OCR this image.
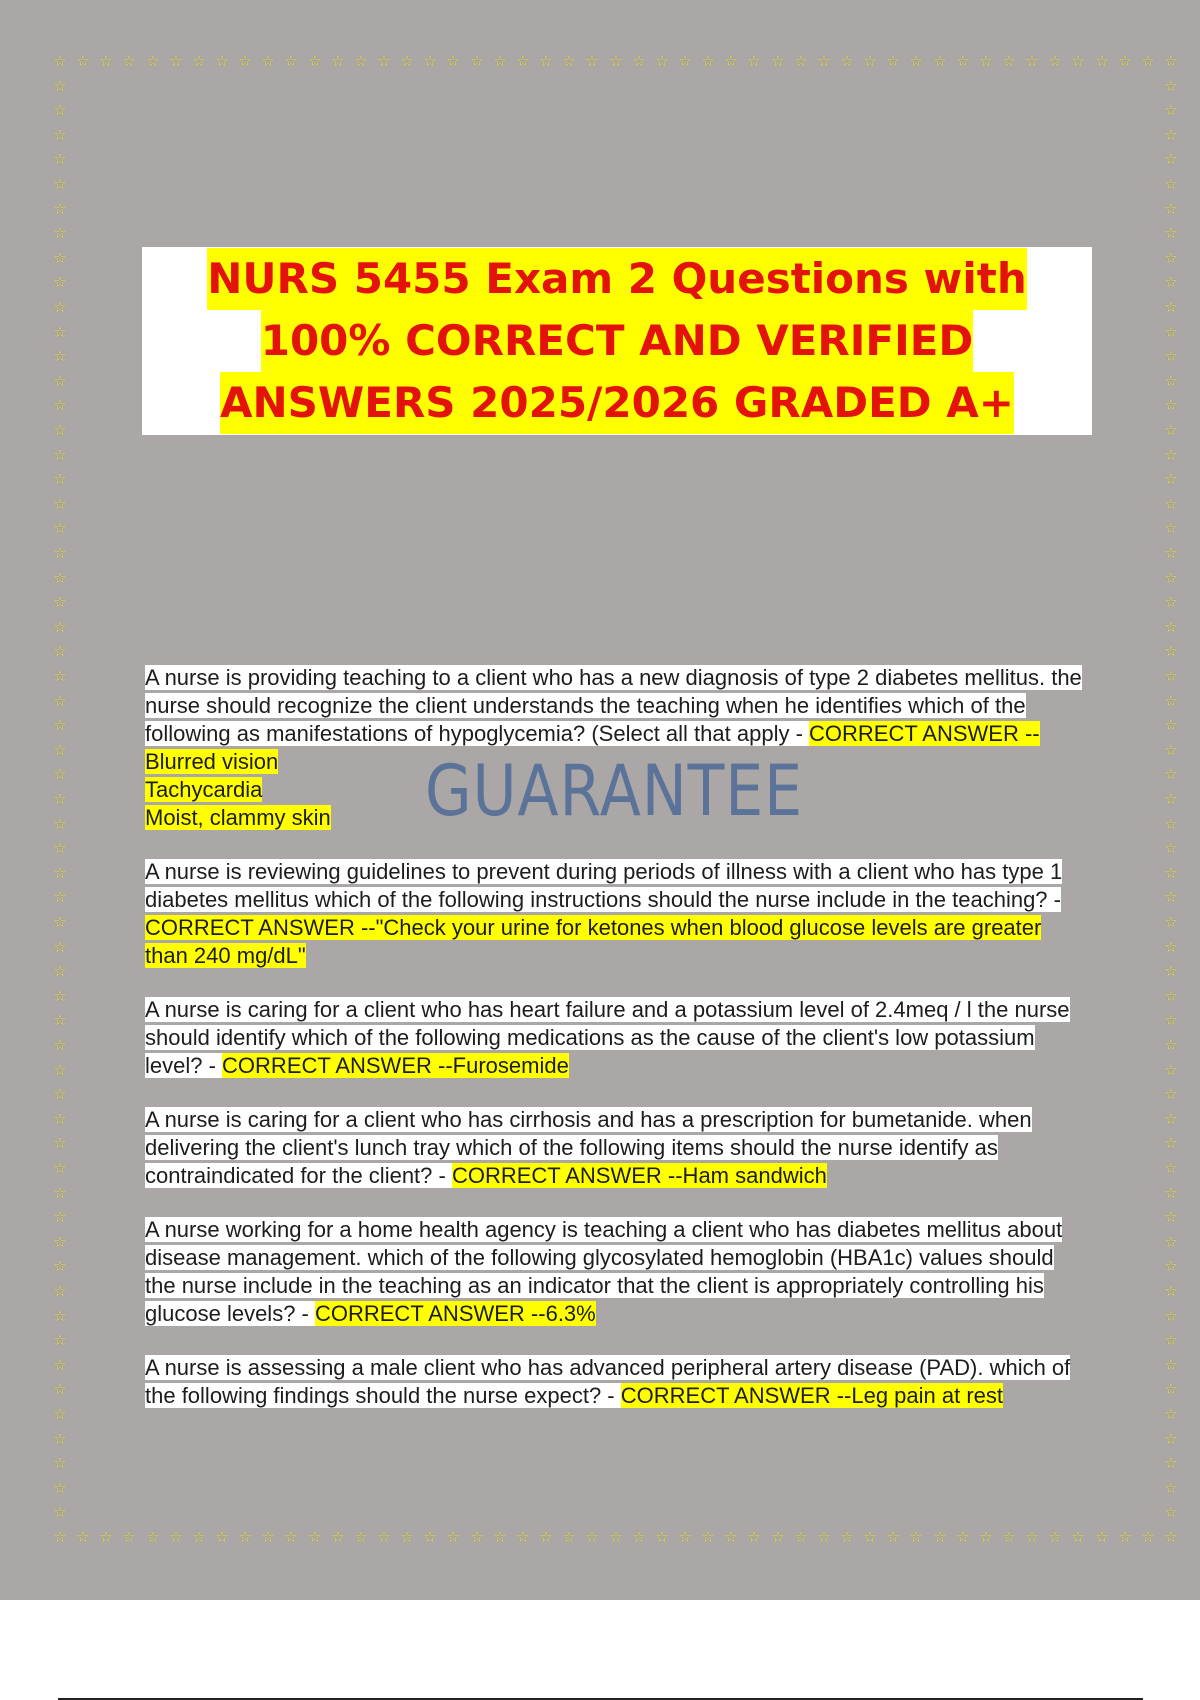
☆
☆
☆
☆
☆
☆
☆
☆
☆
☆
☆
☆
☆
☆
☆
☆
☆
☆
☆
☆
☆
☆
☆
☆
☆
☆
☆
☆
☆
☆
☆
☆
☆
☆
☆
☆
☆
☆
☆
☆
☆
☆
☆
☆
☆
☆
☆
☆
☆
☆
☆
☆
☆
☆
☆
☆
☆
☆
☆
☆
☆
☆
☆
☆
☆
☆
☆
☆
☆
☆
☆
☆
☆
☆
☆
☆
☆
☆
☆
☆
☆
☆
☆
☆
☆
☆
☆
☆
☆
☆
☆
☆
☆
☆
☆
☆
☆
☆
☆	☆
☆	☆
☆	☆
☆	☆
☆	☆
☆	☆
☆	☆
☆	☆
☆	☆
☆	☆
☆	☆
☆	☆
☆	☆
☆	☆
☆	☆
☆	☆
☆	☆
☆	☆
☆	☆
☆	☆
☆	☆
☆	☆
☆	☆
☆	☆
☆	☆
☆	☆
☆	☆
☆	☆
☆	☆
☆	☆
☆	☆
☆	☆
☆	☆
☆	☆
☆	☆
☆	☆
☆	☆
☆	☆
☆	☆
☆	☆
☆	☆
☆	☆
☆	☆
☆	☆
☆	☆
☆	☆
☆	☆
☆	☆
☆	☆
☆	☆
☆	☆
☆	☆
☆	☆
☆	☆
☆	☆
☆	☆
☆	☆
☆	☆
☆	☆
NURS 5455 Exam 2 Questions with
100% CORRECT AND VERIFIED
ANSWERS 2025/2026 GRADED A+
A nurse is providing teaching to a client who has a new diagnosis of type 2 diabetes mellitus. the nurse should recognize the client understands the teaching when he identifies which of the following as manifestations of hypoglycemia? (Select all that apply - CORRECT ANSWER --Blurred vision
Tachycardia
Moist, clammy skin
A nurse is reviewing guidelines to prevent during periods of illness with a client who has type 1 diabetes mellitus which of the following instructions should the nurse include in the teaching? - CORRECT ANSWER --"Check your urine for ketones when blood glucose levels are greater than 240 mg/dL"
A nurse is caring for a client who has heart failure and a potassium level of 2.4meq / l the nurse should identify which of the following medications as the cause of the client's low potassium level? - CORRECT ANSWER --Furosemide
A nurse is caring for a client who has cirrhosis and has a prescription for bumetanide. when delivering the client's lunch tray which of the following items should the nurse identify as contraindicated for the client? - CORRECT ANSWER --Ham sandwich
A nurse working for a home health agency is teaching a client who has diabetes mellitus about disease management. which of the following glycosylated hemoglobin (HBA1c) values should the nurse include in the teaching as an indicator that the client is appropriately controlling his glucose levels? - CORRECT ANSWER --6.3%
A nurse is assessing a male client who has advanced peripheral artery disease (PAD). which of the following findings should the nurse expect? - CORRECT ANSWER --Leg pain at rest
GUARANTEE
